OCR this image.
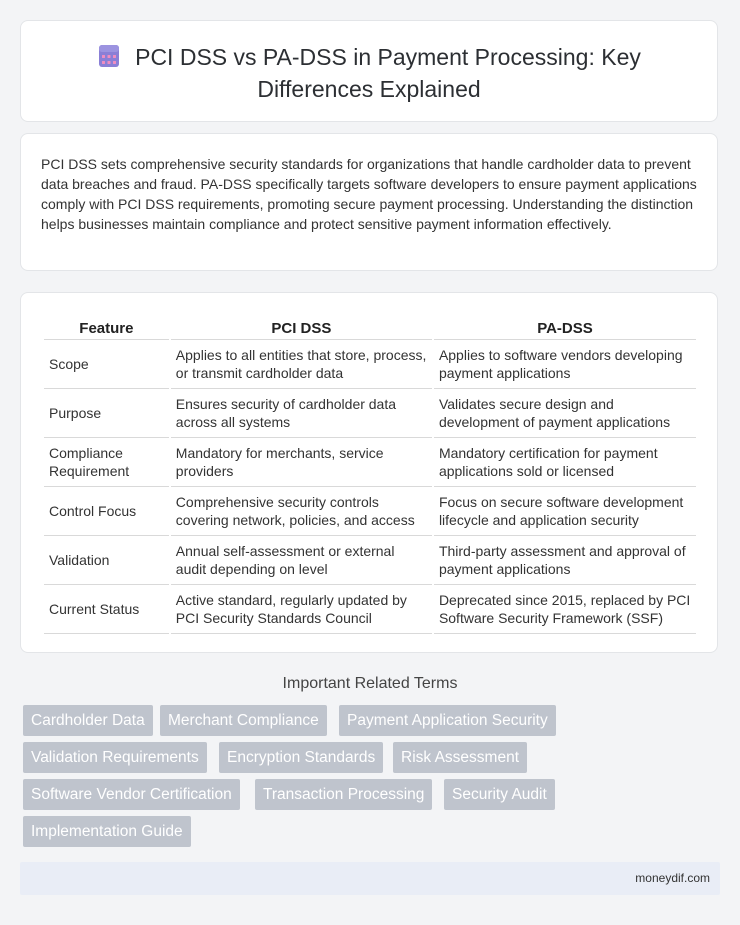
PCI DSS vs PA-DSS in Payment Processing: Key
Differences Explained
PCI DSS sets comprehensive security standards for organizations that handle cardholder data to prevent data breaches and fraud. PA-DSS specifically targets software developers to ensure payment applications comply with PCI DSS requirements, promoting secure payment processing. Understanding the distinction helps businesses maintain compliance and protect sensitive payment information effectively.
Feature	PCI DSS	PA-DSS
Scope	Applies to all entities that store, process, or transmit cardholder data	Applies to software vendors developing payment applications
Purpose	Ensures security of cardholder data across all systems	Validates secure design and development of payment applications
Compliance Requirement	Mandatory for merchants, service providers	Mandatory certification for payment applications sold or licensed
Control Focus	Comprehensive security controls covering network, policies, and access	Focus on secure software development lifecycle and application security
Validation	Annual self-assessment or external audit depending on level	Third-party assessment and approval of payment applications
Current Status	Active standard, regularly updated by PCI Security Standards Council	Deprecated since 2015, replaced by PCI Software Security Framework (SSF)
Important Related Terms
Cardholder Data	Merchant Compliance	Payment Application Security
Validation Requirements	Encryption Standards	Risk Assessment
Software Vendor Certification	Transaction Processing	Security Audit
Implementation Guide
moneydif.com
